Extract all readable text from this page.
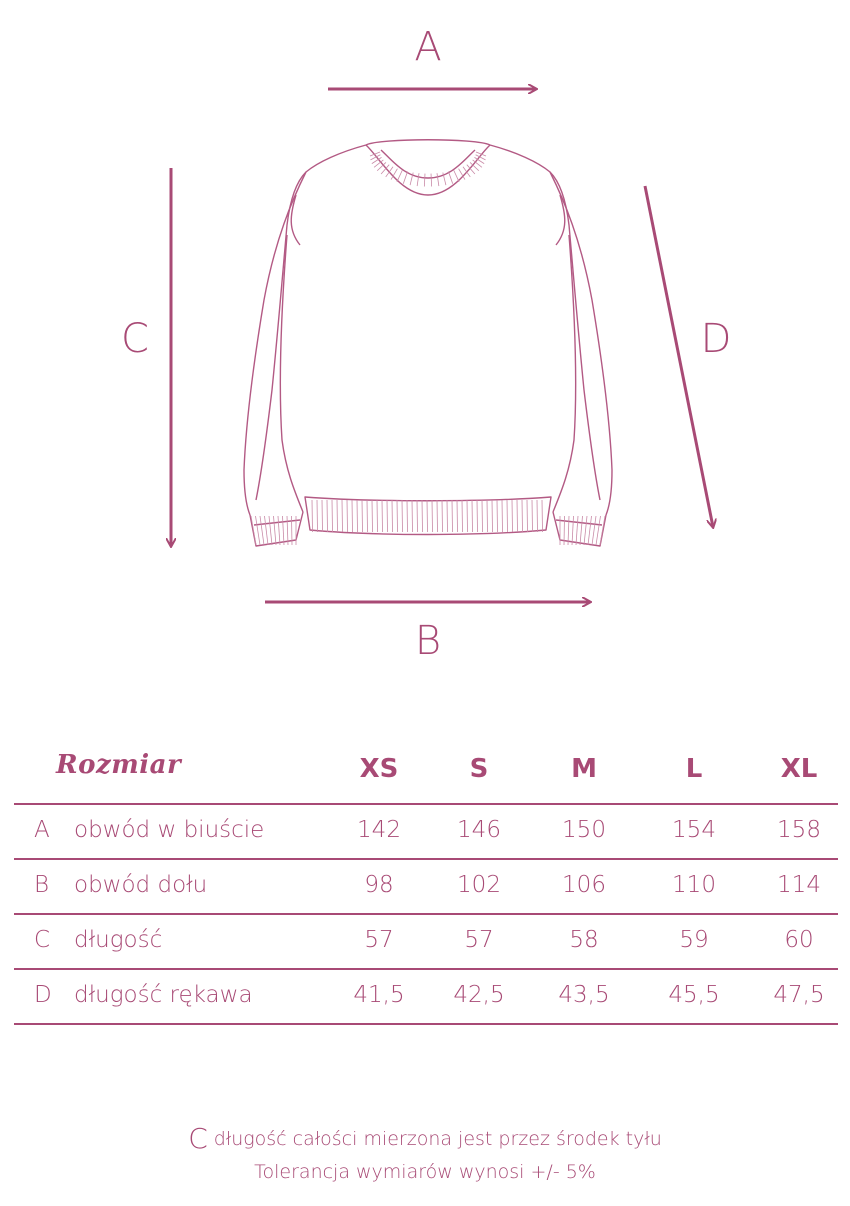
A
C	D
B
Rozmiar	XS	S	M	L	XL
A obwód w biuście	142	146	150	154	158
B obwód dołu	98	102	106	110	114
C długość	57	57	58	59	60
D długość rękawa	41,5	42,5	43,5	45,5	47,5
C długość całości mierzona jest przez środek tyłu
Tolerancja wymiarów wynosi +/- 5%
